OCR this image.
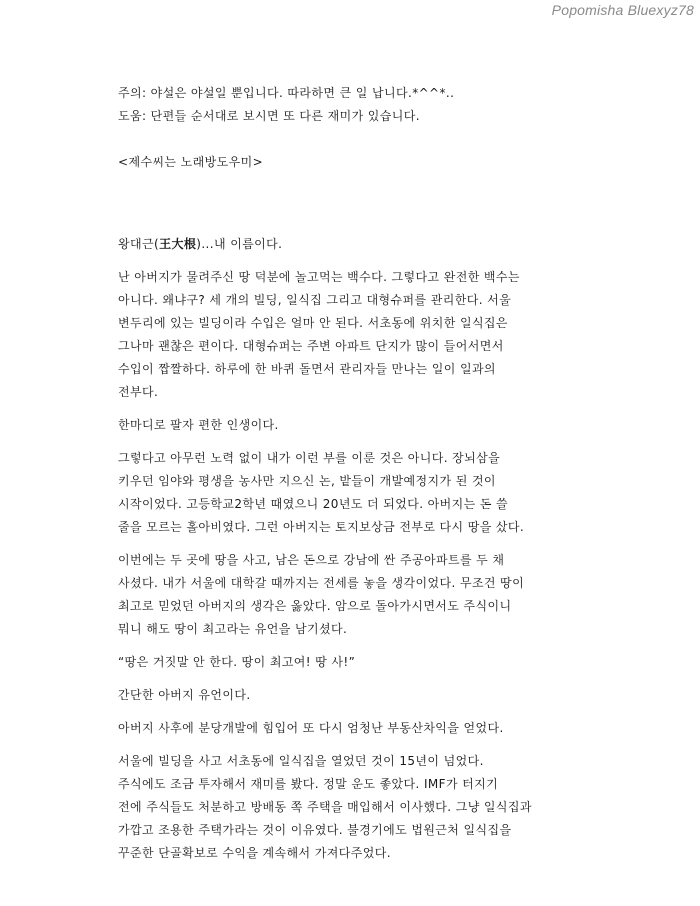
Popomisha Bluexyz78

주의: 야설은 야설일 뿐입니다. 따라하면 큰 일 납니다.*^^*..

도움: 단편들 순서대로 보시면 또 다른 재미가 있습니다.

<제수씨는 노래방도우미>

왕대근(王大根)...내 이름이다.

난 아버지가 물려주신 땅 덕분에 놀고먹는 백수다. 그렇다고 완전한 백수는
아니다. 왜냐구? 세 개의 빌딩, 일식집 그리고 대형슈퍼를 관리한다. 서울
변두리에 있는 빌딩이라 수입은 얼마 안 된다. 서초동에 위치한 일식집은
그나마 괜찮은 편이다. 대형슈퍼는 주변 아파트 단지가 많이 들어서면서
수입이 짭짤하다. 하루에 한 바퀴 돌면서 관리자들 만나는 일이 일과의
전부다.

한마디로 팔자 편한 인생이다.

그렇다고 아무런 노력 없이 내가 이런 부를 이룬 것은 아니다. 장뇌삼을
키우던 임야와 평생을 농사만 지으신 논, 밭들이 개발예정지가 된 것이
시작이었다. 고등학교2학년 때였으니 20년도 더 되었다. 아버지는 돈 쓸
줄을 모르는 홀아비였다. 그런 아버지는 토지보상금 전부로 다시 땅을 샀다.

이번에는 두 곳에 땅을 사고, 남은 돈으로 강남에 싼 주공아파트를 두 채
사셨다. 내가 서울에 대학갈 때까지는 전세를 놓을 생각이었다. 무조건 땅이
최고로 믿었던 아버지의 생각은 옳았다. 암으로 돌아가시면서도 주식이니
뭐니 해도 땅이 최고라는 유언을 남기셨다.

“땅은 거짓말 안 한다. 땅이 최고여! 땅 사!”

간단한 아버지 유언이다.

아버지 사후에 분당개발에 힘입어 또 다시 엄청난 부동산차익을 얻었다.

서울에 빌딩을 사고 서초동에 일식집을 열었던 것이 15년이 넘었다.
주식에도 조금 투자해서 재미를 봤다. 정말 운도 좋았다. IMF가 터지기
전에 주식들도 처분하고 방배동 쪽 주택을 매입해서 이사했다. 그냥 일식집과
가깝고 조용한 주택가라는 것이 이유였다. 불경기에도 법원근처 일식집을
꾸준한 단골확보로 수익을 계속해서 가져다주었다.
